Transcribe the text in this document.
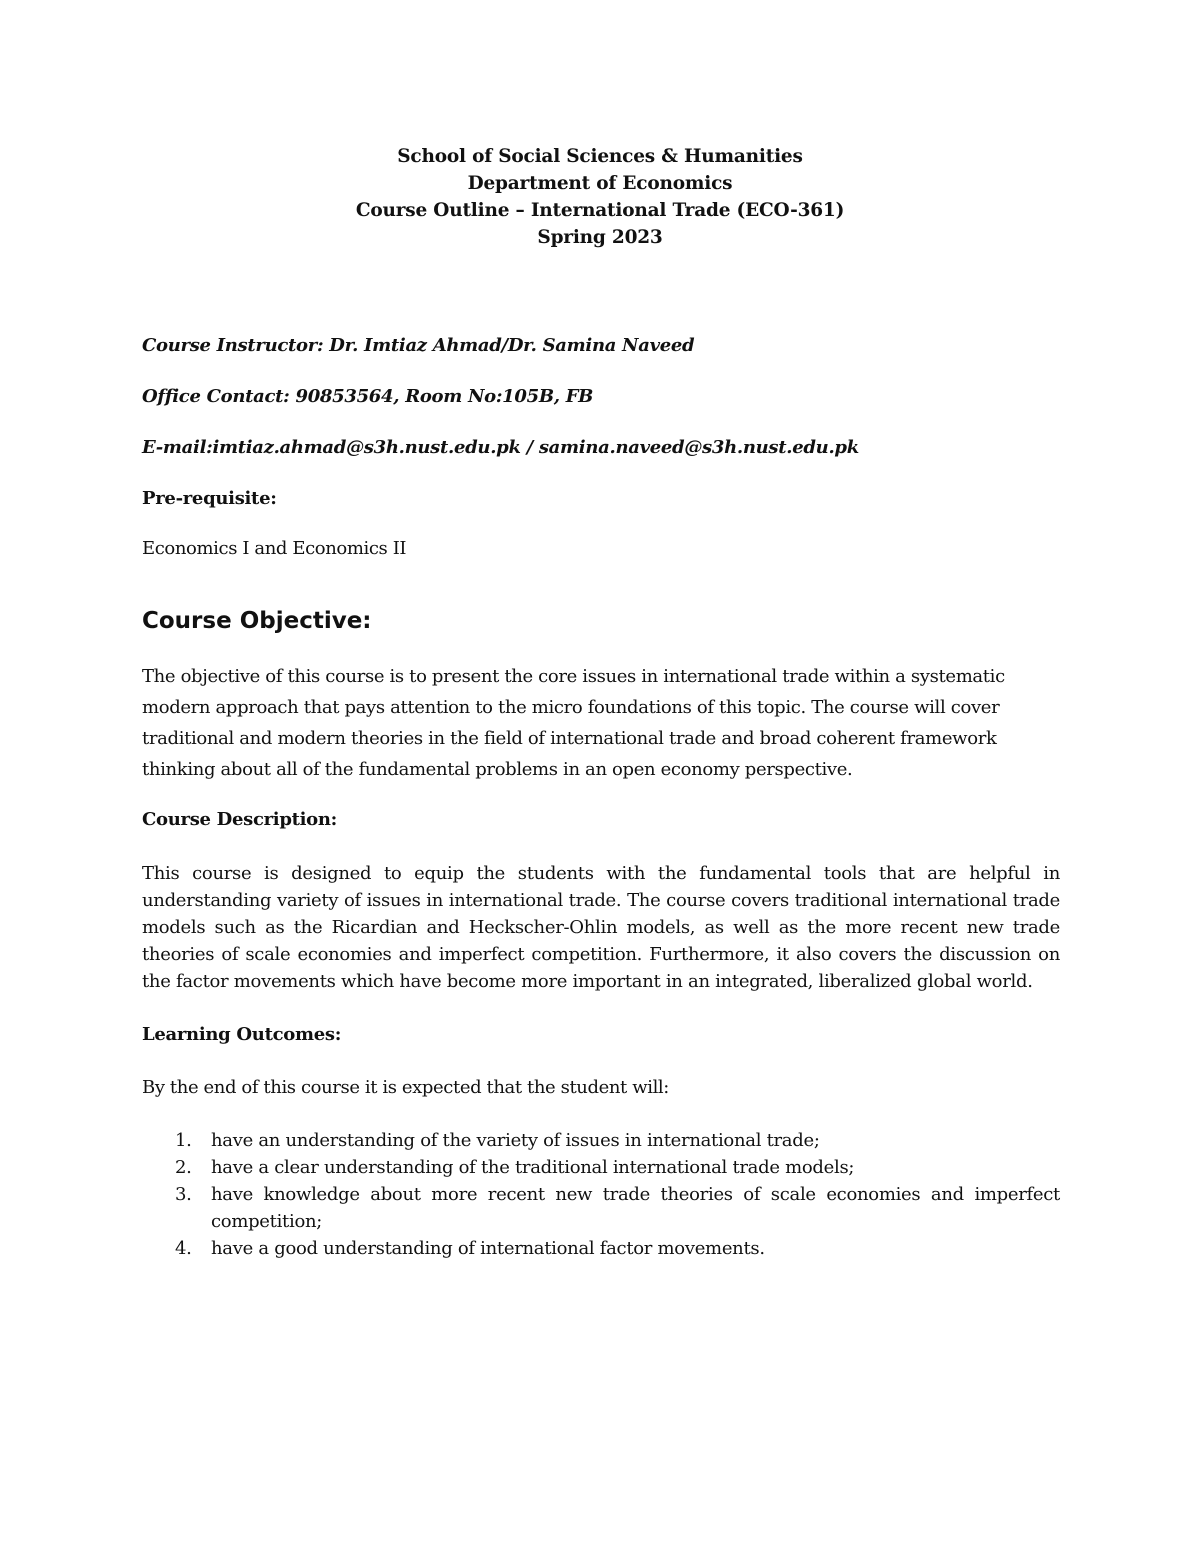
School of Social Sciences & Humanities
Department of Economics
Course Outline – International Trade (ECO-361)
Spring 2023

Course Instructor: Dr. Imtiaz Ahmad/Dr. Samina Naveed

Office Contact: 90853564, Room No:105B, FB

E-mail:imtiaz.ahmad@s3h.nust.edu.pk / samina.naveed@s3h.nust.edu.pk

Pre-requisite:

Economics I and Economics II

Course Objective:

The objective of this course is to present the core issues in international trade within a systematic modern approach that pays attention to the micro foundations of this topic. The course will cover traditional and modern theories in the field of international trade and broad coherent framework thinking about all of the fundamental problems in an open economy perspective.

Course Description:

This course is designed to equip the students with the fundamental tools that are helpful in understanding variety of issues in international trade. The course covers traditional international trade models such as the Ricardian and Heckscher-Ohlin models, as well as the more recent new trade theories of scale economies and imperfect competition. Furthermore, it also covers the discussion on the factor movements which have become more important in an integrated, liberalized global world.

Learning Outcomes:

By the end of this course it is expected that the student will:

1. have an understanding of the variety of issues in international trade;
2. have a clear understanding of the traditional international trade models;
3. have knowledge about more recent new trade theories of scale economies and imperfect competition;
4. have a good understanding of international factor movements.
